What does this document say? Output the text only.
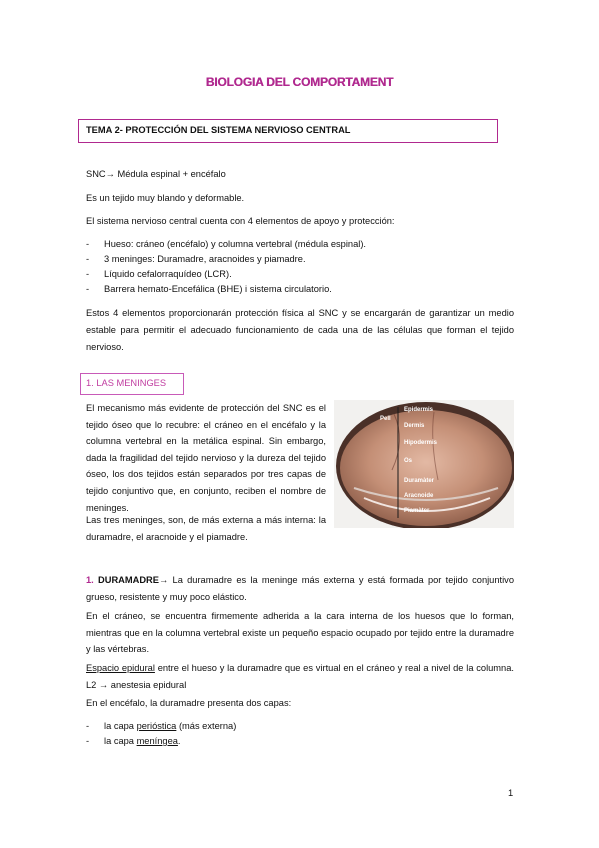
BIOLOGIA DEL COMPORTAMENT
TEMA 2- PROTECCIÓN DEL SISTEMA NERVIOSO CENTRAL
SNC→ Médula espinal + encéfalo
Es un tejido muy blando y deformable.
El sistema nervioso central cuenta con 4 elementos de apoyo y protección:
- Hueso: cráneo (encéfalo) y columna vertebral (médula espinal).
- 3 meninges: Duramadre, aracnoides y piamadre.
- Líquido cefalorraquídeo (LCR).
- Barrera hemato-Encefálica (BHE) i sistema circulatorio.
Estos 4 elementos proporcionarán protección física al SNC y se encargarán de garantizar un medio estable para permitir el adecuado funcionamiento de cada una de las células que forman el tejido nervioso.
1. LAS MENINGES
El mecanismo más evidente de protección del SNC es el tejido óseo que lo recubre: el cráneo en el encéfalo y la columna vertebral en la metálica espinal. Sin embargo, dada la fragilidad del tejido nervioso y la dureza del tejido óseo, los dos tejidos están separados por tres capas de tejido conjuntivo que, en conjunto, reciben el nombre de meninges.
Las tres meninges, son, de más externa a más interna: la duramadre, el aracnoide y el piamadre.
Pell
Epidermis
Dermis
Hipodermis
Os
Duramàter
Aracnoide
Piamàter
1. DURAMADRE→ La duramadre es la meninge más externa y está formada por tejido conjuntivo grueso, resistente y muy poco elástico.
En el cráneo, se encuentra firmemente adherida a la cara interna de los huesos que lo forman, mientras que en la columna vertebral existe un pequeño espacio ocupado por tejido entre la duramadre y las vértebras.
Espacio epidural entre el hueso y la duramadre que es virtual en el cráneo y real a nivel de la columna. L2 → anestesia epidural
En el encéfalo, la duramadre presenta dos capas:
- la capa perióstica (más externa)
- la capa meníngea.
1
